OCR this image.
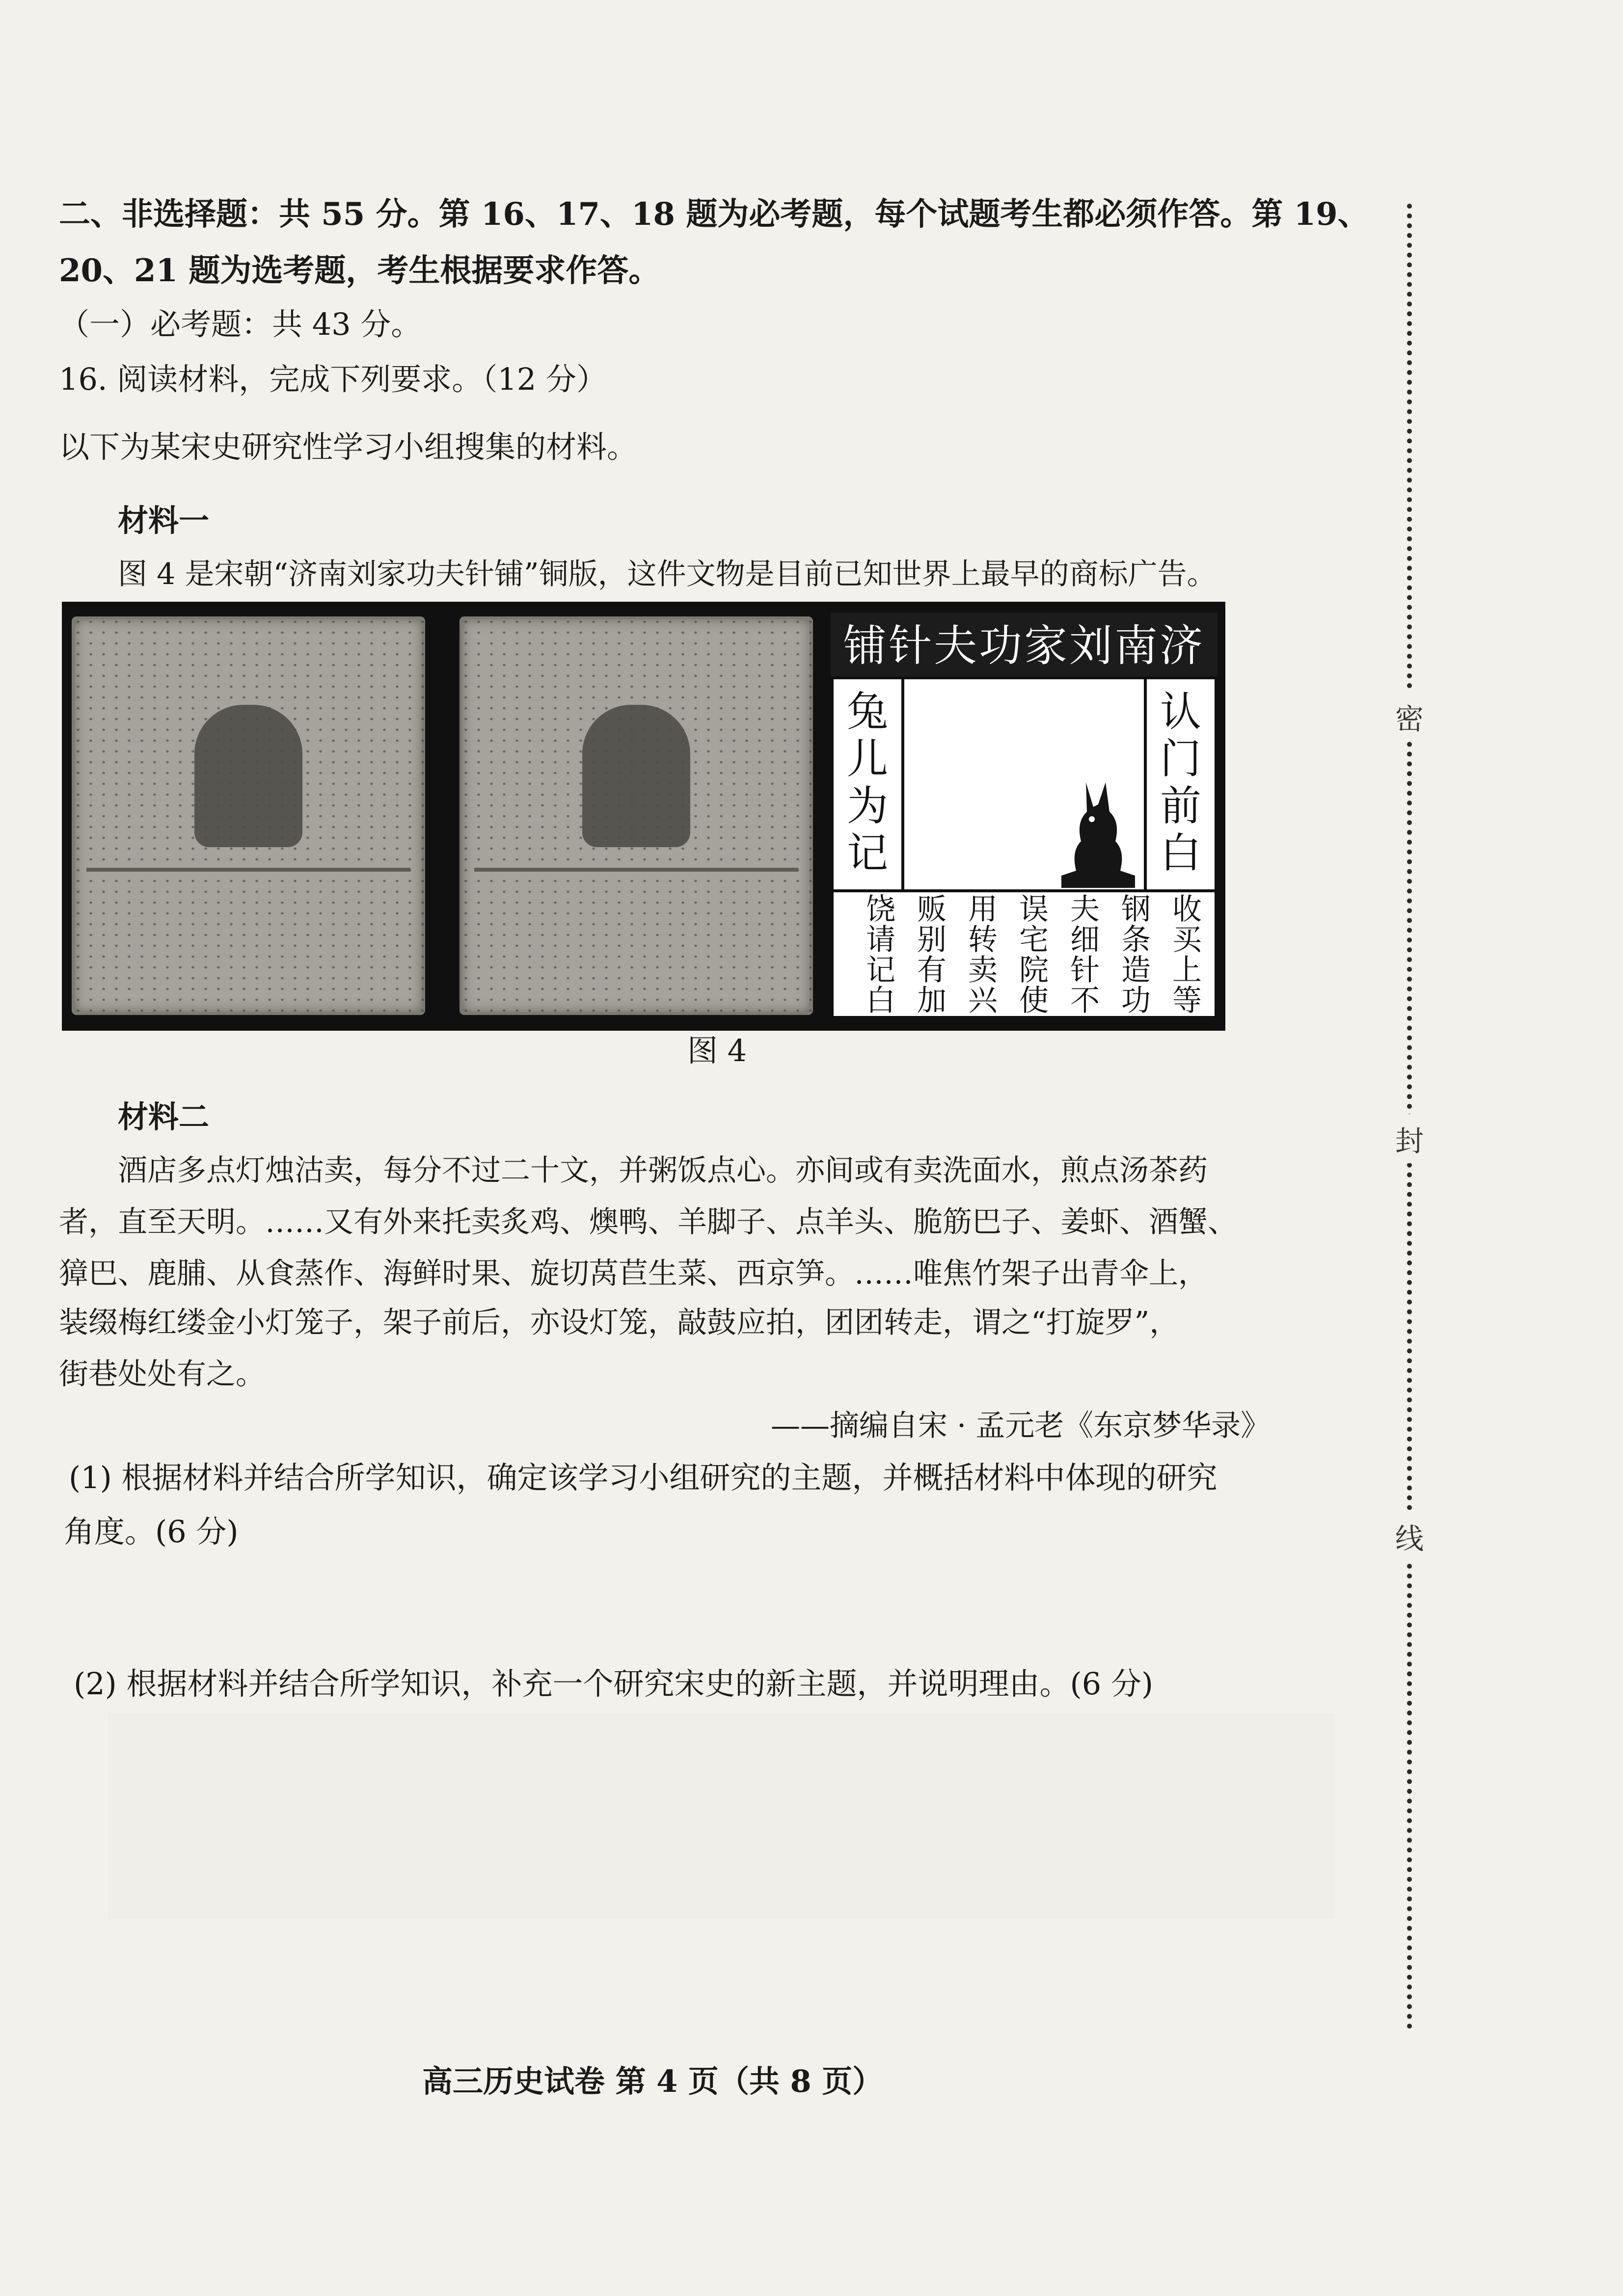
二、非选择题：共 55 分。第 16、17、18 题为必考题，每个试题考生都必须作答。第 19、
20、21 题为选考题，考生根据要求作答。
（一）必考题：共 43 分。
16. 阅读材料，完成下列要求。（12 分）
以下为某宋史研究性学习小组搜集的材料。
材料一
图 4 是宋朝“济南刘家功夫针铺”铜版，这件文物是目前已知世界上最早的商标广告。
铺针夫功家刘南济
兔儿为记
认门前白
收买上等
钢条造功
夫细针不
误宅院使
用转卖兴
贩别有加
饶请记白
图 4
材料二
酒店多点灯烛沽卖，每分不过二十文，并粥饭点心。亦间或有卖洗面水，煎点汤茶药
者，直至天明。……又有外来托卖炙鸡、燠鸭、羊脚子、点羊头、脆筋巴子、姜虾、酒蟹、
獐巴、鹿脯、从食蒸作、海鲜时果、旋切莴苣生菜、西京笋。……唯焦竹架子出青伞上，
装缀梅红缕金小灯笼子，架子前后，亦设灯笼，敲鼓应拍，团团转走，谓之“打旋罗”，
街巷处处有之。
——摘编自宋 · 孟元老《东京梦华录》
(1) 根据材料并结合所学知识，确定该学习小组研究的主题，并概括材料中体现的研究
角度。(6 分)
(2) 根据材料并结合所学知识，补充一个研究宋史的新主题，并说明理由。(6 分)
密
封
线
高三历史试卷 第 4 页（共 8 页）
